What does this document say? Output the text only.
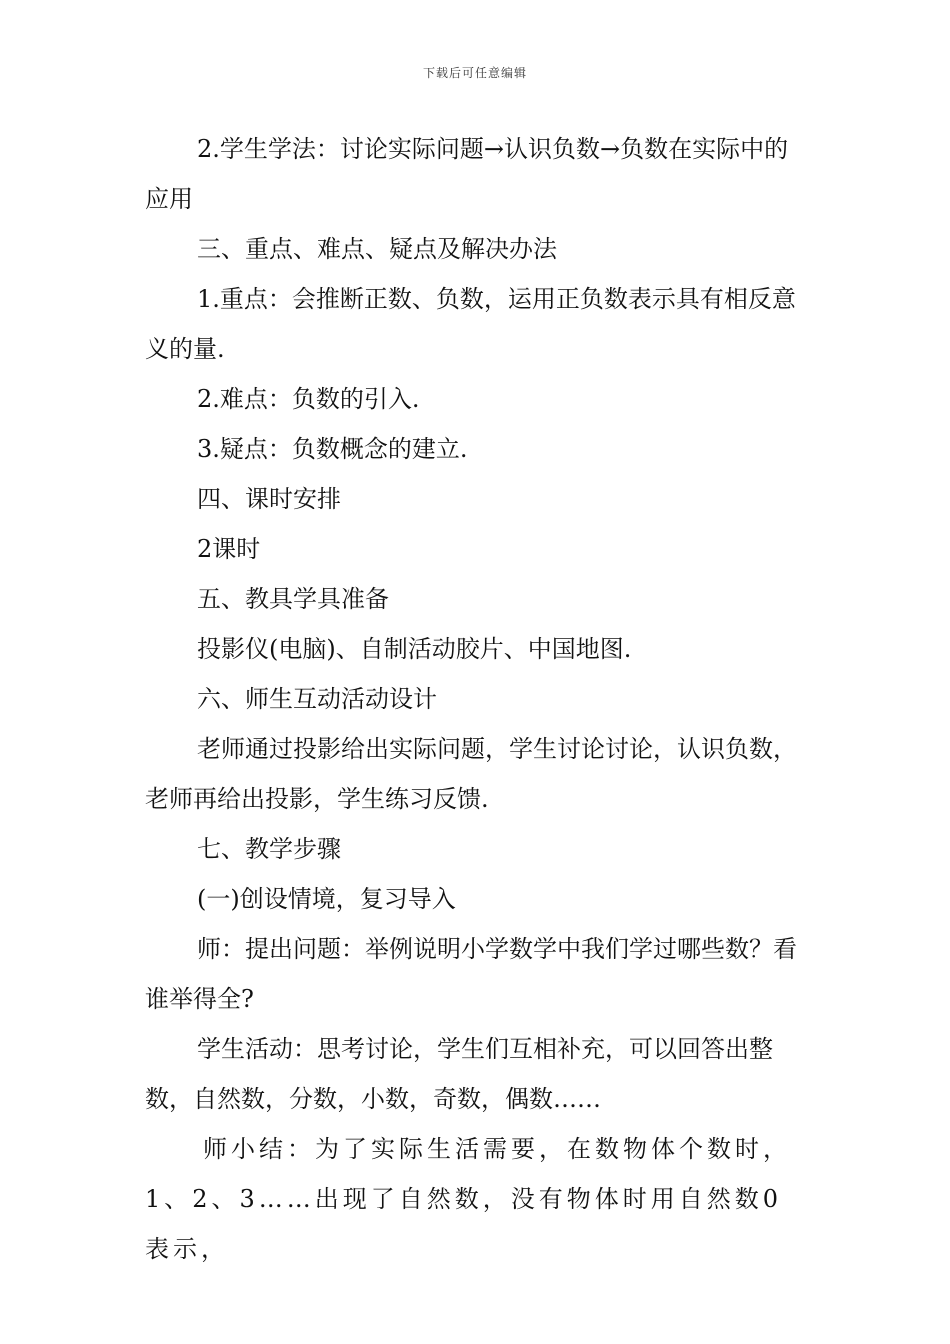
下载后可任意编辑

2.学生学法：讨论实际问题→认识负数→负数在实际中的应用

三、重点、难点、疑点及解决办法

1.重点：会推断正数、负数，运用正负数表示具有相反意义的量.

2.难点：负数的引入.

3.疑点：负数概念的建立.

四、课时安排

2课时

五、教具学具准备

投影仪(电脑)、自制活动胶片、中国地图.

六、师生互动活动设计

老师通过投影给出实际问题，学生讨论讨论，认识负数，老师再给出投影，学生练习反馈.

七、教学步骤

(一)创设情境，复习导入

师：提出问题：举例说明小学数学中我们学过哪些数？看谁举得全?

学生活动：思考讨论，学生们互相补充，可以回答出整数，自然数，分数，小数，奇数，偶数……

师小结：为了实际生活需要，在数物体个数时，1、2、3……出现了自然数，没有物体时用自然数0表示，
